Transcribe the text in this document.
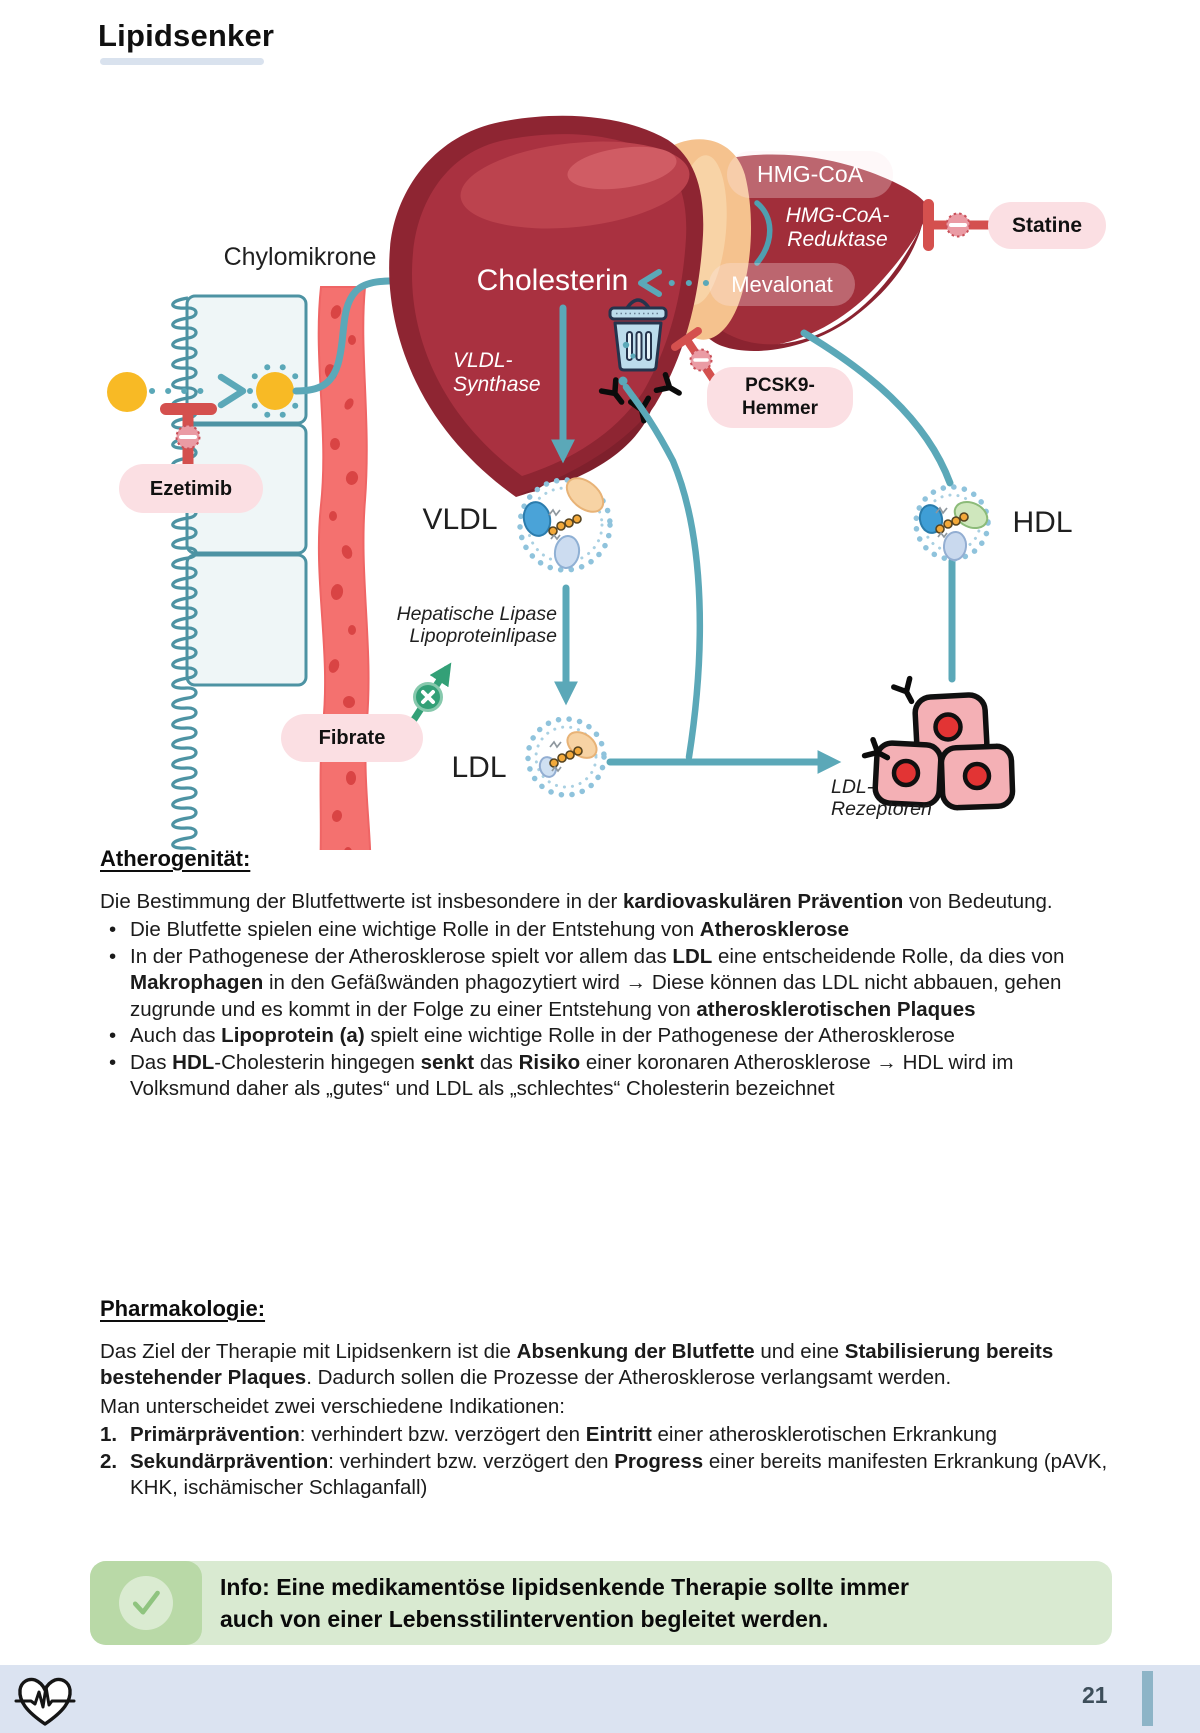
Lipidsenker
Chylomikrone
Cholesterin
HMG-CoA
HMG-CoA-
Reduktase
Mevalonat
VLDL-
Synthase
VLDL	HDL
LDL
Hepatische Lipase
Lipoproteinlipase
LDL-
Rezeptoren
Statine
PCSK9-
Hemmer
Ezetimib
Fibrate
Atherogenität:

Die Bestimmung der Blutfettwerte ist insbesondere in der kardiovaskulären Prävention von Bedeutung.

• Die Blutfette spielen eine wichtige Rolle in der Entstehung von Atherosklerose
• In der Pathogenese der Atherosklerose spielt vor allem das LDL eine entscheidende Rolle, da dies von Makrophagen in den Gefäßwänden phagozytiert wird → Diese können das LDL nicht abbauen, gehen zugrunde und es kommt in der Folge zu einer Entstehung von atherosklerotischen Plaques
• Auch das Lipoprotein (a) spielt eine wichtige Rolle in der Pathogenese der Atherosklerose
• Das HDL-Cholesterin hingegen senkt das Risiko einer koronaren Atherosklerose → HDL wird im Volksmund daher als „gutes“ und LDL als „schlechtes“ Cholesterin bezeichnet
Pharmakologie:

Das Ziel der Therapie mit Lipidsenkern ist die Absenkung der Blutfette und eine Stabilisierung bereits bestehender Plaques. Dadurch sollen die Prozesse der Atherosklerose verlangsamt werden.

Man unterscheidet zwei verschiedene Indikationen:

1. Primärprävention: verhindert bzw. verzögert den Eintritt einer atherosklerotischen Erkrankung
2. Sekundärprävention: verhindert bzw. verzögert den Progress einer bereits manifesten Erkrankung (pAVK, KHK, ischämischer Schlaganfall)
Info: Eine medikamentöse lipidsenkende Therapie sollte immer
auch von einer Lebensstilintervention begleitet werden.
21
